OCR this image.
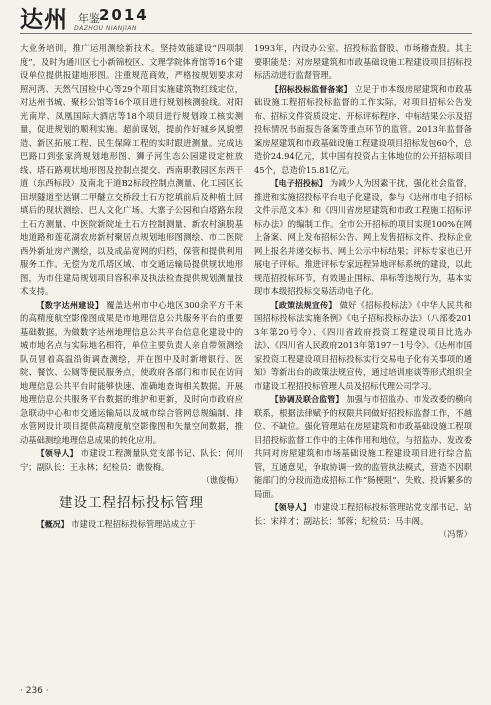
达州 年鉴 2014
DAZHOU NIANJIAN

大业务培训，推广运用测绘新技术。坚持效能建设“四项制度”，及时为通川区七小新锦校区、文理学院体育馆等16个建设单位提供报建地形图。注重规范商效，严格按规划要求对照河湾、天然气国检中心等29个项目实施建筑物红线定位，对达州书城、聚杉公馆等16个项目进行规划核测验线。对阳光南岸、凤凰国际大酒店等18个项目进行规划竣工核实测量，促进规划的顺利实施。超前谋划，提前作好城乡风貌塑造、新区拓展工程、民生保障工程的实时跟进测量。完成达巴路口到张家湾规划地形图、狮子河生态公园建设定桩放线、塔石路观状地形图及控制点提交、西南职教园区东西干道（东西标段）及南北干道B2标段控制点测量、化工园区长田坝隧道至达钢二甲醚立交桥段土石方挖填前后及种植土回填后的现状测绘、巴人文化广场、大寨子公园和白塔路东段土石方测量、中医院新院址土石方控制测量、新农村演脱基地道路和莲花湖农房新村聚居点规划地形图测绘、市二医院西外新址房产测绘，以及成品宽网的归档，保管和提供利用服务工作。无偿为龙爪塔区域、市交通运输局提供规状地形图，为市住建局规划项目容积率及执法检查提供规划测量技术支持。

【数字达州建设】 覆盖达州市中心地区300余平方千米的高精度航空影像图成果是市地理信息公共服务平台的重要基础数据。为做数字达州地理信息公共平台信息化建设中的城市地名点与实际地名相符，单位主要负责人亲自带领测绘队员冒着高温沿街调查测绘，并在图中及时新增银行、医院、餐饮、公厕等便民服务点，使政府各部门和市民在访问地理信息公共平台时能够快速、准确地查询相关数据。开展地理信息公共服务平台数据的维护和更新，及时向市政府应急联动中心和市交通运输局以及城市综合管网总规编制、排水管网设计项目提供高精度航空影像图和矢量空间数据，推动基础测绘地理信息成果的转化应用。

【领导人】 市建设工程测量队党支部书记、队长：何川宁；副队长：王永林；纪检员：谯俊梅。

（谯俊梅）

建设工程招标投标管理

【概况】 市建设工程招标投标管理站成立于

1993年，内设办公室、招投标监督股、市场稽查股。其主要职能是：对房屋建筑和市政基础设施工程建设项目招标投标活动进行监督管理。

【招标投标监督备案】 立足于市本级房屋建筑和市政基础设施工程招标投标监督的工作实际，对项目招标公告发布、招标文件资质设定、开标评标程序、中标结果公示及招投标情况书面报告备案等重点环节的监管。2013年监督备案房屋建筑和市政基础设施工程建设项目招标发包60个，总造价24.94亿元，其中国有投资占主体地位的公开招标项目45个，总造价15.81亿元。

【电子招投标】 为减少人为因素干扰，强化社会监督，推进和实施招投标平台电子化建设，参与《达州市电子招标文件示范文本》和《四川省房屋建筑和市政工程施工招标评标办法》的编制工作。全市公开招标的项目实现100%在网上备案、网上发布招标公告、网上发售招标文件、投标企业网上报名并递交标书、网上公示中标结果；评标专家也已开展电子评标。推进评标专家远程异地评标系统的建设，以此规范招投标环节，有效遏止围标、串标等违规行为，基本实现市本级招投标交易活动电子化。

【政策法规宣传】 做好《招标投标法》《中华人民共和国招标投标法实施条例》《电子招标投标办法》（八部委2013年第20号令）、《四川省政府投资工程建设项目比选办法》、《四川省人民政府2013年第197－1号令》、《达州市国家投资工程建设项目招标投标实行交易电子化有关事项的通知》等新出台的政策法规宣传，通过培训座谈等形式组织全市建设工程招投标管理人员及招标代理公司学习。

【协调及联合监管】 加强与市招监办、市发改委的横向联系，根据法律赋予的权限共同做好招投标监督工作，不越位、不缺位。强化管理站在房屋建筑和市政基础设施工程项目招投标监督工作中的主体作用和地位，与招监办、发改委共同对房屋建筑和市场基础设施工程建设项目进行综合监管，互通意见，争取协调一致的监管执法模式，营造不因职能部门的分段而造成招标工作“肠梗阻”、失败、投诉繁多的局面。

【领导人】 市建设工程招标投标管理站党支部书记、站长：宋祥才；副站长：邹蓉；纪检员：马丰阁。

（冯帮）

· 236 ·
